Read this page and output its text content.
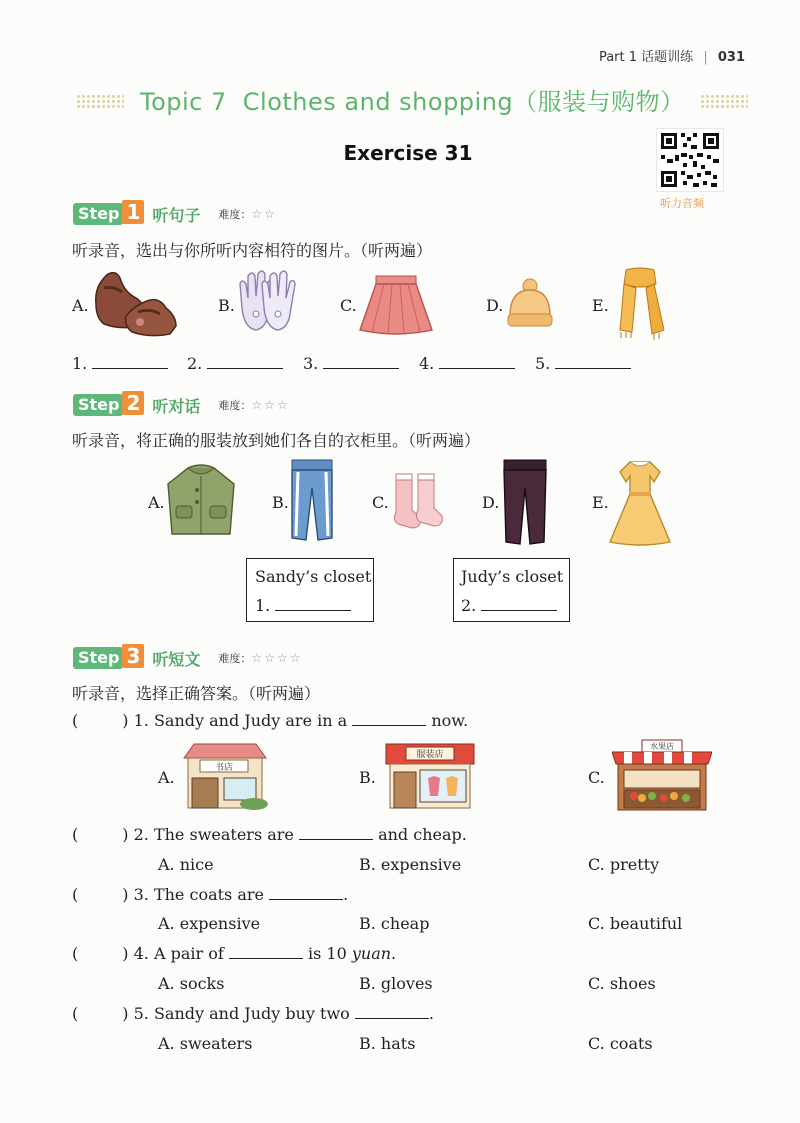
Part 1 话题训练 | 031
Topic 7 Clothes and shopping（服装与购物）
Exercise 31
听力音频
Step 1 听句子 难度：☆☆
听录音，选出与你所听内容相符的图片。（听两遍）
A.	B.	C.	D.	E.
1.	2.	3.	4.	5.
Step 2 听对话 难度：☆☆☆
听录音，将正确的服装放到她们各自的衣柜里。（听两遍）
A.	B.	C.	D.	E.
Sandy’s closet
1.
Judy’s closet
2.
Step 3 听短文 难度：☆☆☆☆
听录音，选择正确答案。（听两遍）
(	) 1. Sandy and Judy are in a	now.
A.	书店	B.
服装店
C.
水果店
(	) 2. The sweaters are	and cheap.
A. nice	B. expensive	C. pretty
(	) 3. The coats are	.
A. expensive	B. cheap	C. beautiful
(	) 4. A pair of	is 10 yuan.
A. socks	B. gloves	C. shoes
(	) 5. Sandy and Judy buy two	.
A. sweaters	B. hats	C. coats
